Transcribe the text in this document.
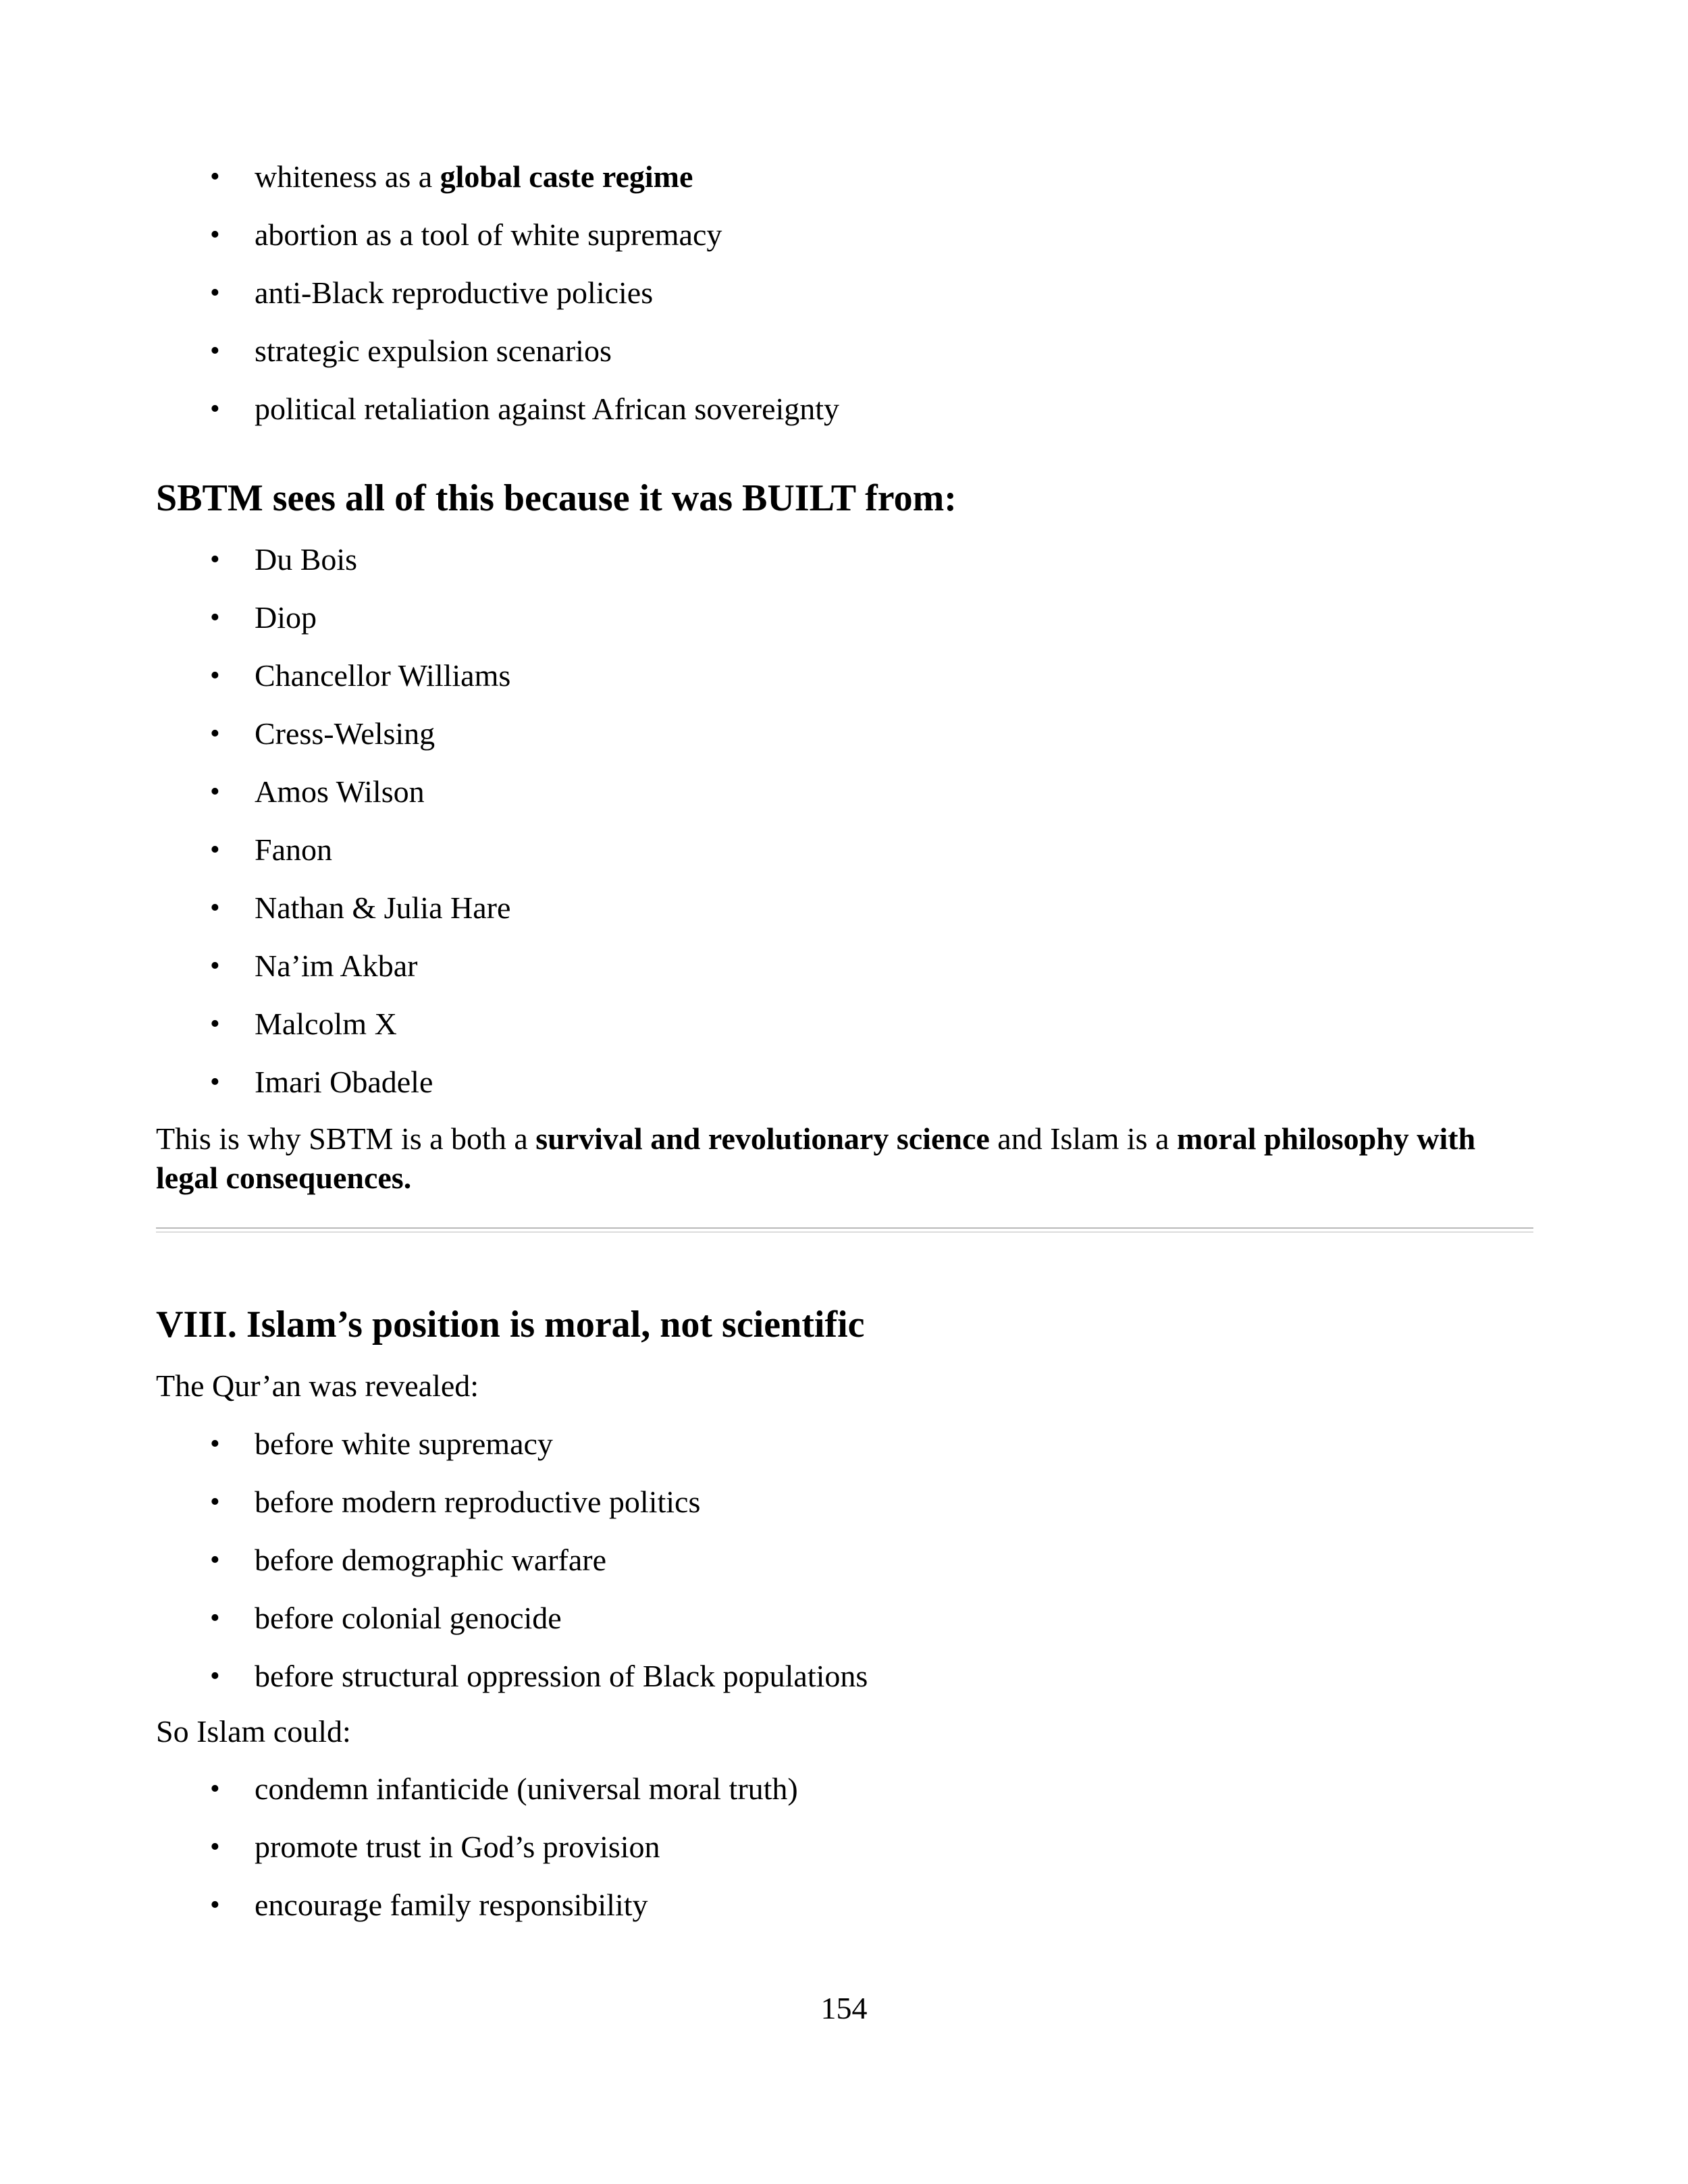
• whiteness as a global caste regime
• abortion as a tool of white supremacy
• anti-Black reproductive policies
• strategic expulsion scenarios
• political retaliation against African sovereignty
SBTM sees all of this because it was BUILT from:
• Du Bois
• Diop
• Chancellor Williams
• Cress-Welsing
• Amos Wilson
• Fanon
• Nathan & Julia Hare
• Na’im Akbar
• Malcolm X
• Imari Obadele

This is why SBTM is a both a survival and revolutionary science and Islam is a moral philosophy with legal consequences.

VIII. Islam’s position is moral, not scientific

The Qur’an was revealed:

• before white supremacy
• before modern reproductive politics
• before demographic warfare
• before colonial genocide
• before structural oppression of Black populations

So Islam could:

• condemn infanticide (universal moral truth)
• promote trust in God’s provision
• encourage family responsibility
154
